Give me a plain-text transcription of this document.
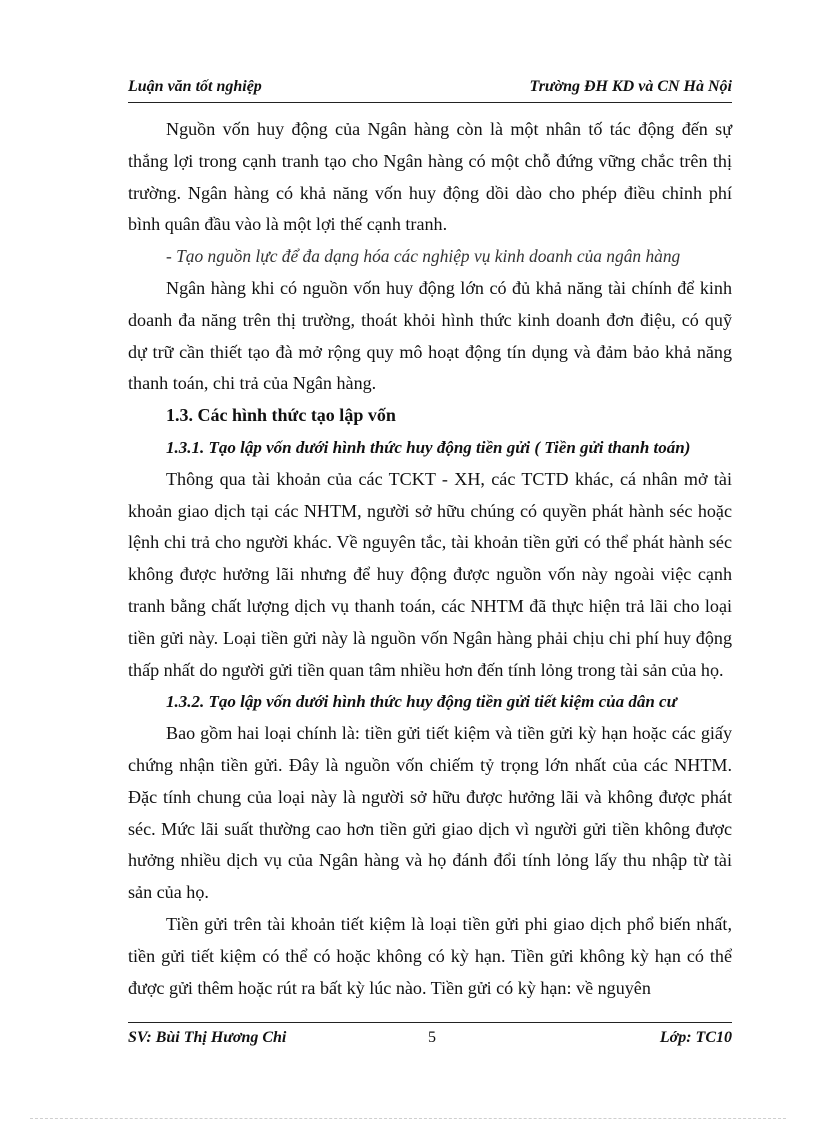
Luận văn tốt nghiệp	Trường ĐH KD và CN Hà Nội

Nguồn vốn huy động của Ngân hàng còn là một nhân tố tác động đến sự thắng lợi trong cạnh tranh tạo cho Ngân hàng có một chỗ đứng vững chắc trên thị trường. Ngân hàng có khả năng vốn huy động dồi dào cho phép điều chỉnh phí bình quân đầu vào là một lợi thế cạnh tranh.

- Tạo nguồn lực để đa dạng hóa các nghiệp vụ kinh doanh của ngân hàng

Ngân hàng khi có nguồn vốn huy động lớn có đủ khả năng tài chính để kinh doanh đa năng trên thị trường, thoát khỏi hình thức kinh doanh đơn điệu, có quỹ dự trữ cần thiết tạo đà mở rộng quy mô hoạt động tín dụng và đảm bảo khả năng thanh toán, chi trả của Ngân hàng.

1.3. Các hình thức tạo lập vốn
1.3.1. Tạo lập vốn dưới hình thức huy động tiền gửi ( Tiền gửi thanh toán)

Thông qua tài khoản của các TCKT - XH, các TCTD khác, cá nhân mở tài khoản giao dịch tại các NHTM, người sở hữu chúng có quyền phát hành séc hoặc lệnh chi trả cho người khác. Về nguyên tắc, tài khoản tiền gửi có thể phát hành séc không được hưởng lãi nhưng để huy động được nguồn vốn này ngoài việc cạnh tranh bằng chất lượng dịch vụ thanh toán, các NHTM đã thực hiện trả lãi cho loại tiền gửi này. Loại tiền gửi này là nguồn vốn Ngân hàng phải chịu chi phí huy động thấp nhất do người gửi tiền quan tâm nhiều hơn đến tính lỏng trong tài sản của họ.

1.3.2. Tạo lập vốn dưới hình thức huy động tiền gửi tiết kiệm của dân cư

Bao gồm hai loại chính là: tiền gửi tiết kiệm và tiền gửi kỳ hạn hoặc các giấy chứng nhận tiền gửi. Đây là nguồn vốn chiếm tỷ trọng lớn nhất của các NHTM. Đặc tính chung của loại này là người sở hữu được hưởng lãi và không được phát séc. Mức lãi suất thường cao hơn tiền gửi giao dịch vì người gửi tiền không được hưởng nhiều dịch vụ của Ngân hàng và họ đánh đổi tính lỏng lấy thu nhập từ tài sản của họ.

Tiền gửi trên tài khoản tiết kiệm là loại tiền gửi phi giao dịch phổ biến nhất, tiền gửi tiết kiệm có thể có hoặc không có kỳ hạn. Tiền gửi không kỳ hạn có thể được gửi thêm hoặc rút ra bất kỳ lúc nào. Tiền gửi có kỳ hạn: về nguyên

SV: Bùi Thị Hương Chi	5	Lớp: TC10
